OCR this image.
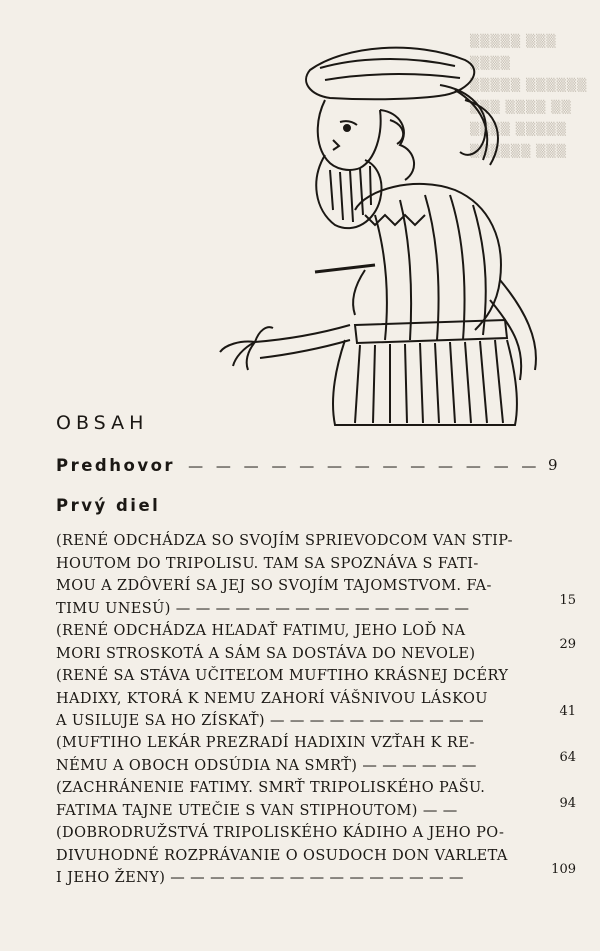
▒▒▒▒▒ ▒▒▒ ▒▒▒▒
▒▒▒▒▒ ▒▒▒▒▒▒
▒▒▒ ▒▒▒▒ ▒▒
▒▒▒▒ ▒▒▒▒▒
▒▒▒▒▒▒ ▒▒▒
OBSAH
Predhovor — — — — — — — — — — — — — 9
Prvý diel
(RENÉ ODCHÁDZA SO SVOJÍM SPRIEVODCOM VAN STIP-
HOUTOM DO TRIPOLISU. TAM SA SPOZNÁVA S FATI-
MOU A ZDÔVERÍ SA JEJ SO SVOJÍM TAJOMSTVOM. FA-
TIMU UNESÚ) — — — — — — — — — — — — — — —	15
(RENÉ ODCHÁDZA HĽADAŤ FATIMU, JEHO LOĎ NA
MORI STROSKOTÁ A SÁM SA DOSTÁVA DO NEVOLE)
29
(RENÉ SA STÁVA UČITEĽOM MUFTIHO KRÁSNEJ DCÉRY
HADIXY, KTORÁ K NEMU ZAHORÍ VÁŠNIVOU LÁSKOU
A USILUJE SA HO ZÍSKAŤ) — — — — — — — — — — —
41
(MUFTIHO LEKÁR PREZRADÍ HADIXIN VZŤAH K RE-
NÉMU A OBOCH ODSÚDIA NA SMRŤ) — — — — — —	64
(ZACHRÁNENIE FATIMY. SMRŤ TRIPOLISKÉHO PAŠU.
FATIMA TAJNE UTEČIE S VAN STIPHOUTOM) — —	94
(DOBRODRUŽSTVÁ TRIPOLISKÉHO KÁDIHO A JEHO PO-
DIVUHODNÉ ROZPRÁVANIE O OSUDOCH DON VARLETA
I JEHO ŽENY) — — — — — — — — — — — — — — —
109
